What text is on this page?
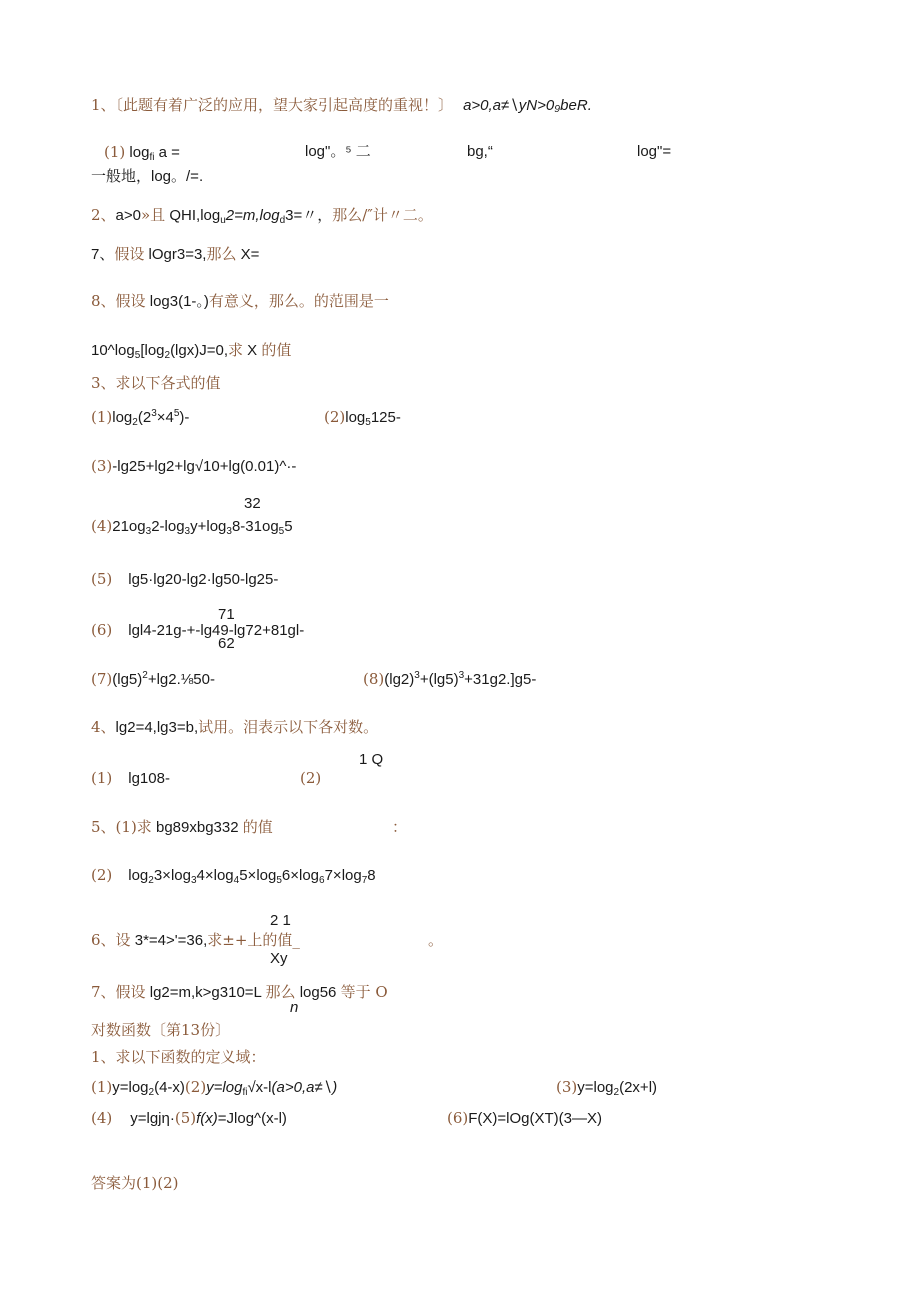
1、〔此题有着广泛的应用，望大家引起高度的重视！〕 a>0,a≠∖yN>0₉beR.
(1) $\log_{fi} a$ =	log"。⁵ 二	bg,“	log"=
一般地，log。/=.
2、a>0»且 $QHI,\log_u2=m,\log_d3=$〃，那么/″计〃二。
7、假设 lOgr3=3,那么 X=
8、假设 log3(1-。)有意义，那么。的范围是一
$10\^{}\log_5[\log_2(\lg x)J=0$,求 X 的值
3、求以下各式的值
$(1)\log_2(2^3\times 4^5)-$	$(2)\log_5125-$
(3)-lg25+lg2+lg√10+lg(0.01)^·-
32
$(4)21og_32-\log_3y+\log_38-31og_55$
(5) lg5·lg20-lg2·lg50-lg25-
71
(6) lgl4-21g-+-lg49-lg72+81gl-
62
$(7)(\lg 5)^2+\lg 2.\frac{1}{8}50-$	$(8)(\lg 2)^3+(\lg 5)^3+31g2.]g5-$
4、lg2=4,lg3=b,试用。泪表示以下各对数。
1 Q
(1) lg108-	(2)
5、(1)求 bg89xbg332 的值	：
(2) $\log_23\times\log_34\times\log_45\times\log_56\times\log_67\times\log_78$
2 1
6、设 3*=4>'=36,求±+上的值_	。
Xy
7、假设 lg2=m,k>g310=L 那么 log56 等于 O
n
对数函数〔第13份〕
1、求以下函数的定义域：
$(1)y=\log_2(4-x)(2)y=\log_{fi}√x-l(a>0,a\ne∖)$	$(3)y=\log_2(2x+l)$
(4) y=lgjη·(5)f(x)=Jlog^(x-l)	(6)F(X)=lOg(XT)(3—X)
答案为(1)(2)
